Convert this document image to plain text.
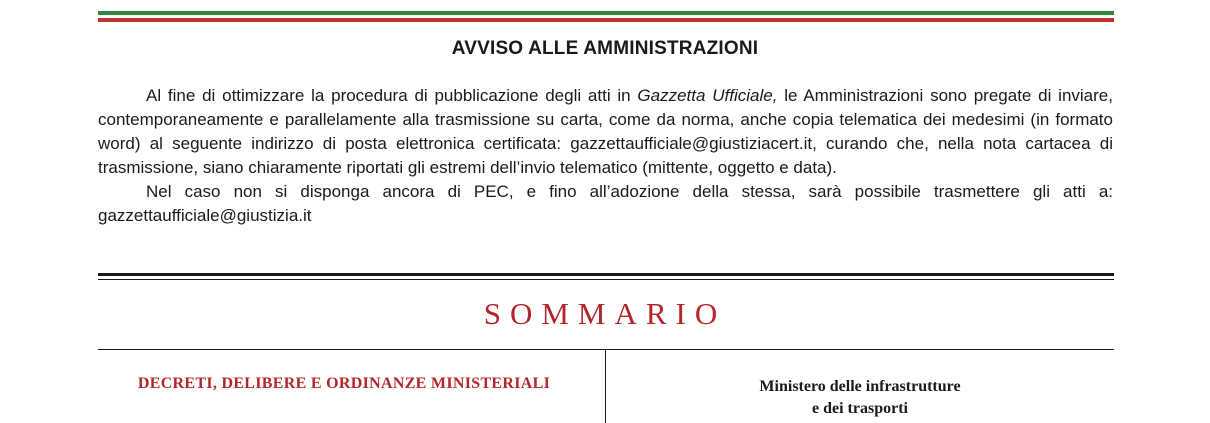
AVVISO ALLE AMMINISTRAZIONI

Al fine di ottimizzare la procedura di pubblicazione degli atti in Gazzetta Ufficiale, le Amministrazioni sono pregate di inviare, contemporaneamente e parallelamente alla trasmissione su carta, come da norma, anche copia telematica dei medesimi (in formato word) al seguente indirizzo di posta elettronica certificata: gazzettaufficiale@giustiziacert.it, curando che, nella nota cartacea di trasmissione, siano chiaramente riportati gli estremi dell’invio telematico (mittente, oggetto e data).

Nel caso non si disponga ancora di PEC, e fino all’adozione della stessa, sarà possibile trasmettere gli atti a: gazzettaufficiale@giustizia.it

SOMMARIO
DECRETI, DELIBERE E ORDINANZE MINISTERIALI	Ministero delle infrastrutture
e dei trasporti
